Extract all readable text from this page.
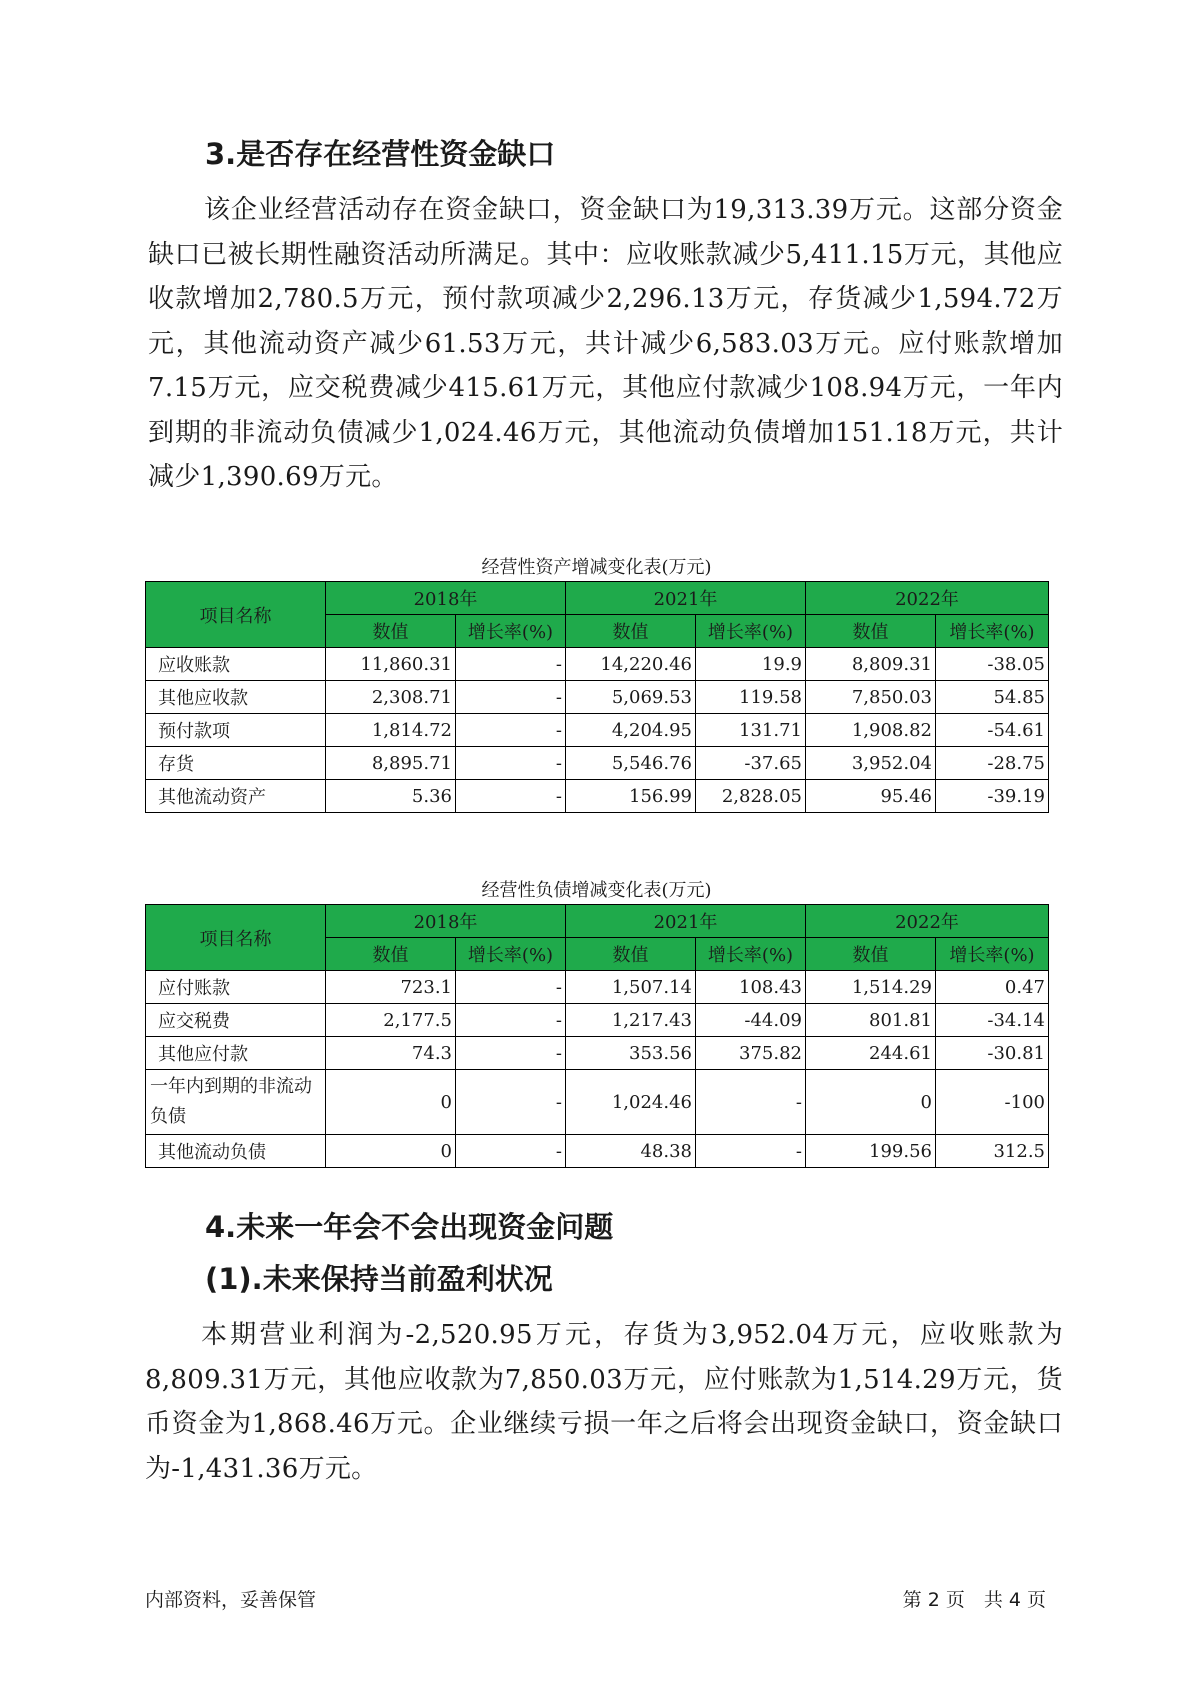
3.是否存在经营性资金缺口

该企业经营活动存在资金缺口，资金缺口为19,313.39万元。这部分资金缺口已被长期性融资活动所满足。其中：应收账款减少5,411.15万元，其他应收款增加2,780.5万元，预付款项减少2,296.13万元，存货减少1,594.72万元，其他流动资产减少61.53万元，共计减少6,583.03万元。应付账款增加7.15万元，应交税费减少415.61万元，其他应付款减少108.94万元，一年内到期的非流动负债减少1,024.46万元，其他流动负债增加151.18万元，共计减少1,390.69万元。

经营性资产增减变化表(万元)

项目名称	2018年		2021年		2022年	
	数值	增长率(%)	数值	增长率(%)	数值	增长率(%)
应收账款	11,860.31	-	14,220.46	19.9	8,809.31	-38.05
其他应收款	2,308.71	-	5,069.53	119.58	7,850.03	54.85
预付款项	1,814.72	-	4,204.95	131.71	1,908.82	-54.61
存货	8,895.71	-	5,546.76	-37.65	3,952.04	-28.75
其他流动资产	5.36	-	156.99	2,828.05	95.46	-39.19

经营性负债增减变化表(万元)

项目名称	2018年		2021年		2022年	
	数值	增长率(%)	数值	增长率(%)	数值	增长率(%)
应付账款	723.1	-	1,507.14	108.43	1,514.29	0.47
应交税费	2,177.5	-	1,217.43	-44.09	801.81	-34.14
其他应付款	74.3	-	353.56	375.82	244.61	-30.81
一年内到期的非流动负债	0	-	1,024.46	-	0	-100
其他流动负债	0	-	48.38	-	199.56	312.5
4.未来一年会不会出现资金问题
(1).未来保持当前盈利状况

本期营业利润为-2,520.95万元，存货为3,952.04万元，应收账款为8,809.31万元，其他应收款为7,850.03万元，应付账款为1,514.29万元，货币资金为1,868.46万元。企业继续亏损一年之后将会出现资金缺口，资金缺口为-1,431.36万元。

内部资料，妥善保管	第 2 页　共 4 页
